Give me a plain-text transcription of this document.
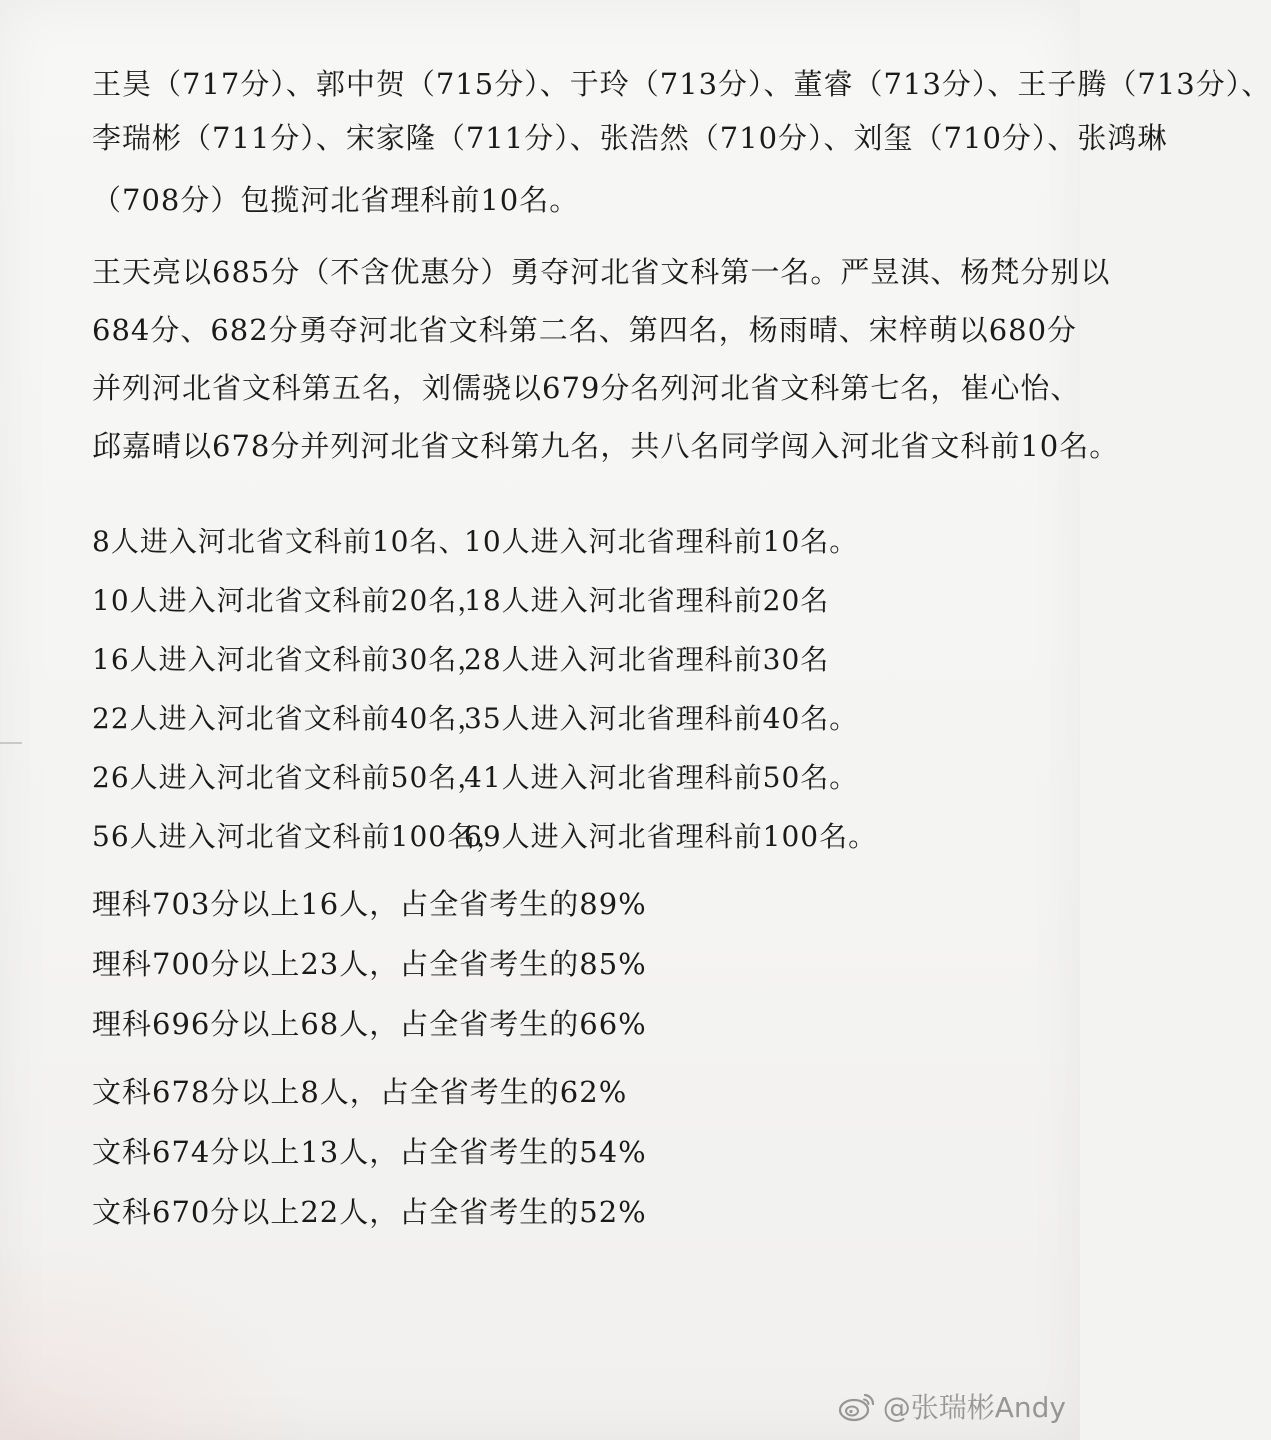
王昊（717分）、郭中贺（715分）、于玲（713分）、董睿（713分）、王子腾（713分）、
李瑞彬（711分）、宋家隆（711分）、张浩然（710分）、刘玺（710分）、张鸿琳
（708分）包揽河北省理科前10名。
王天亮以685分（不含优惠分）勇夺河北省文科第一名。严昱淇、杨梵分别以
684分、682分勇夺河北省文科第二名、第四名，杨雨晴、宋梓萌以680分
并列河北省文科第五名，刘儒骁以679分名列河北省文科第七名，崔心怡、
邱嘉晴以678分并列河北省文科第九名，共八名同学闯入河北省文科前10名。
8人进入河北省文科前10名、
10人进入河北省理科前10名。
10人进入河北省文科前20名，
18人进入河北省理科前20名
16人进入河北省文科前30名，
28人进入河北省理科前30名
22人进入河北省文科前40名，
35人进入河北省理科前40名。
26人进入河北省文科前50名，
41人进入河北省理科前50名。
56人进入河北省文科前100名，
69人进入河北省理科前100名。
理科703分以上16人，占全省考生的89%
理科700分以上23人，占全省考生的85%
理科696分以上68人，占全省考生的66%
文科678分以上8人，占全省考生的62%
文科674分以上13人，占全省考生的54%
文科670分以上22人，占全省考生的52%
@张瑞彬Andy
